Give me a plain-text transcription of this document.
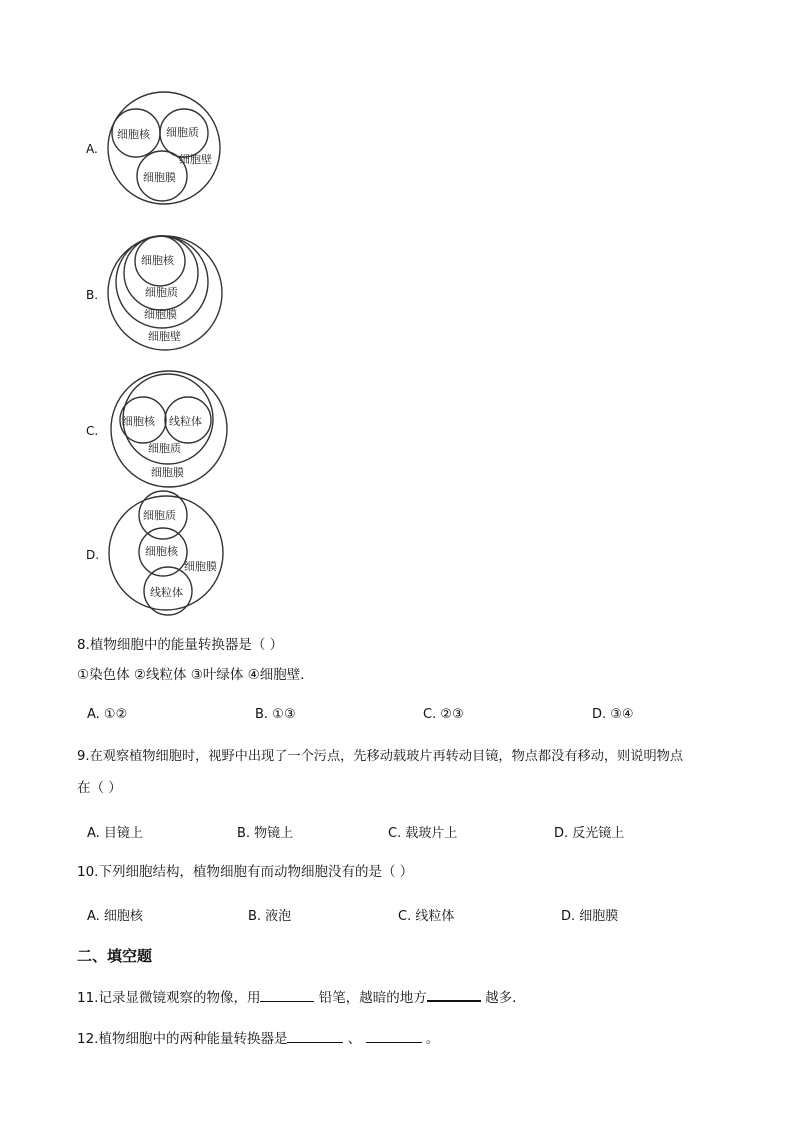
A.
细胞核 细胞质
细胞壁
细胞膜
B.
细胞核
细胞质
细胞膜
细胞壁
C.
细胞核 线粒体
细胞质
细胞膜
D.
细胞质
细胞核
细胞膜
线粒体
8.植物细胞中的能量转换器是（ ）
①染色体 ②线粒体 ③叶绿体 ④细胞壁．
A. ①②	B. ①③	C. ②③	D. ③④
9.在观察植物细胞时，视野中出现了一个污点，先移动载玻片再转动目镜，物点都没有移动，则说明物点
在（ ）
A. 目镜上	B. 物镜上	C. 载玻片上	D. 反光镜上
10.下列细胞结构，植物细胞有而动物细胞没有的是（ ）
A. 细胞核	B. 液泡	C. 线粒体	D. 细胞膜
二、填空题
11.记录显微镜观察的物像，用	铅笔，越暗的地方	越多．
12.植物细胞中的两种能量转换器是	、	。
